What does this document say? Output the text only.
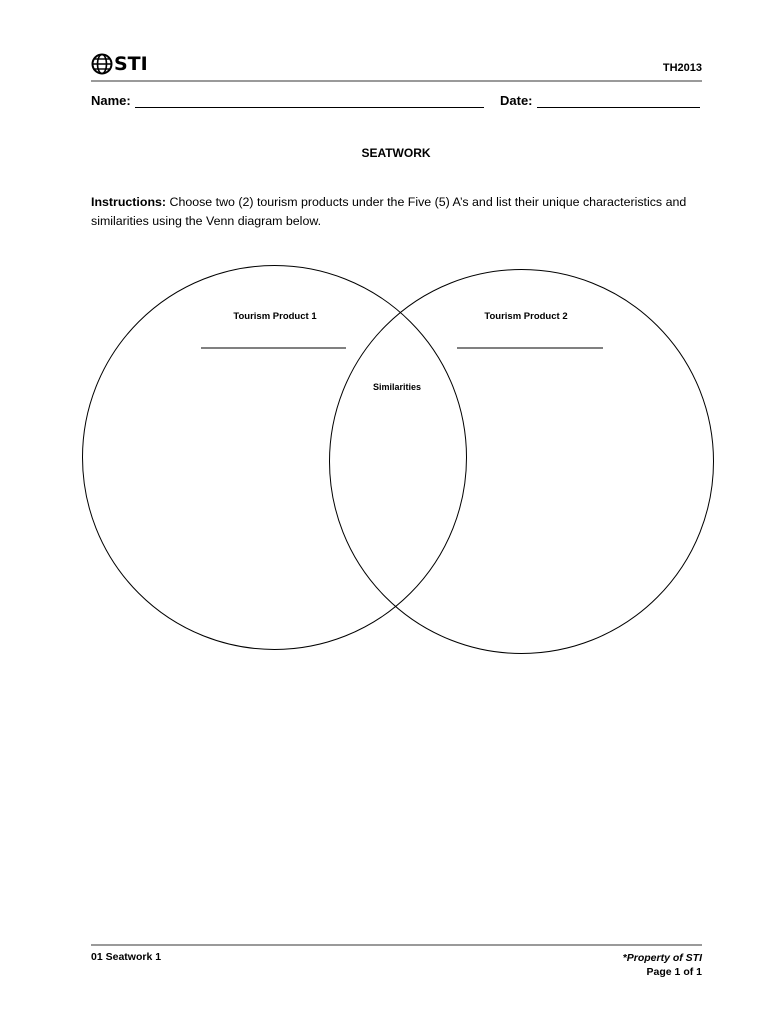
STI	TH2013
Name:	Date:
SEATWORK
Instructions: Choose two (2) tourism products under the Five (5) A’s and list their unique characteristics and similarities using the Venn diagram below.
Tourism Product 1	Tourism Product 2
Similarities
01 Seatwork 1	*Property of STI
Page 1 of 1
